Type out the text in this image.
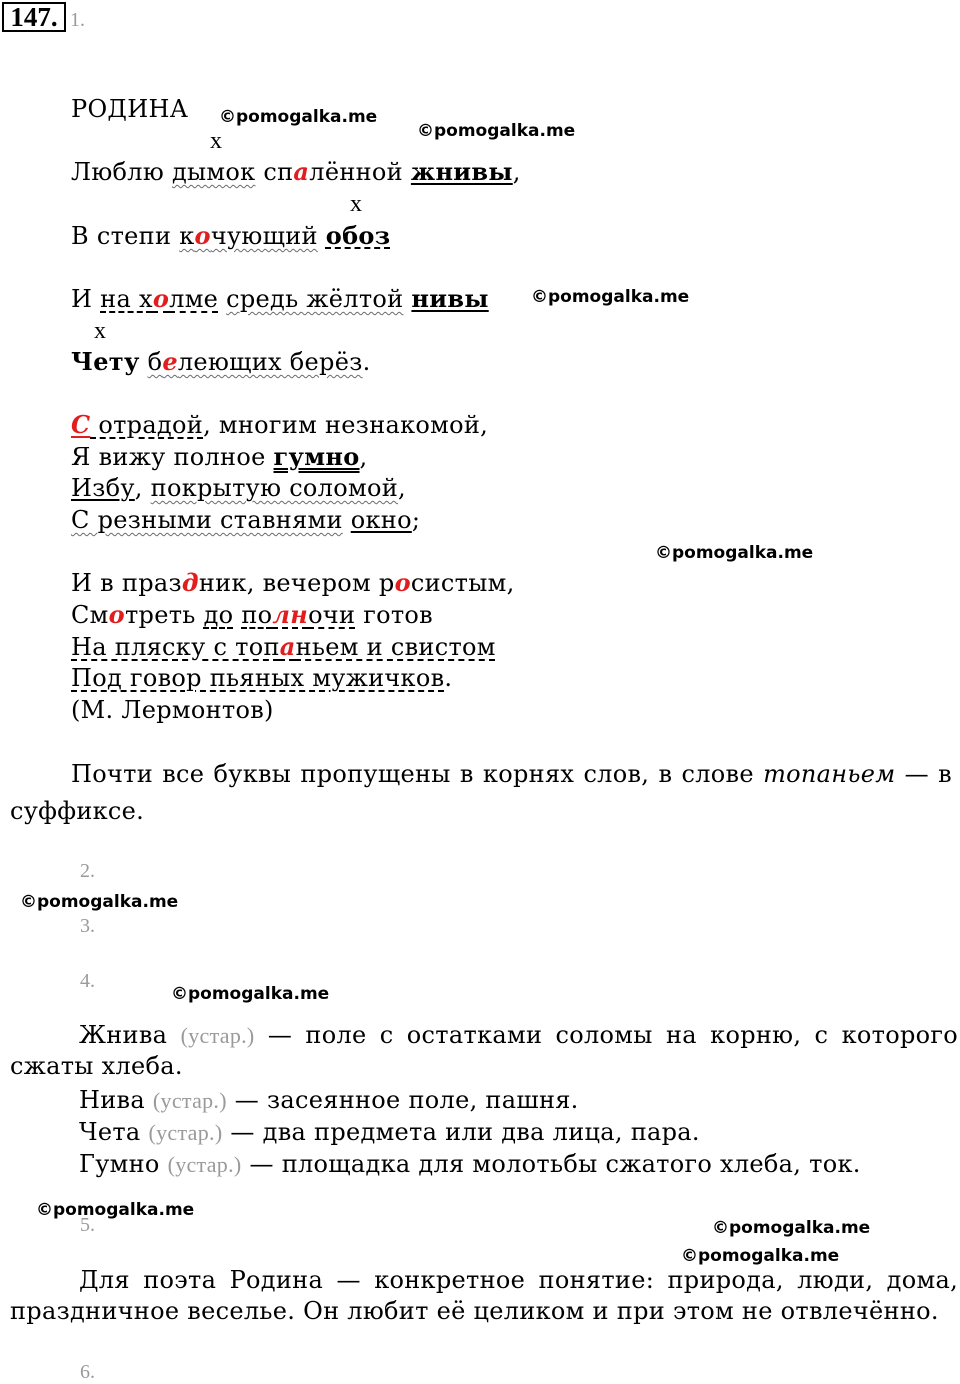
147. 1.
©pomogalka.me
©pomogalka.me
©pomogalka.me
©pomogalka.me
©pomogalka.me
©pomogalka.me
©pomogalka.me
©pomogalka.me
©pomogalka.me
РОДИНА
x
Люблю дымок спалённой жнивы,
x
В степи кочующий обоз
И на холме средь жёлтой нивы
x
Чету белеющих берёз.
С отрадой, многим незнакомой,
Я вижу полное гумно,
Избу, покрытую соломой,
С резными ставнями окно;
И в праздник, вечером росистым,
Смотреть до полночи готов
На пляску с топаньем и свистом
Под говор пьяных мужичков.
(М. Лермонтов)
Почти все буквы пропущены в корнях слов, в слове топаньем — в суффиксе.
2.
3.
4.
Жнива (устар.) — поле с остатками соломы на корню, с которого сжаты хлеба.
Нива (устар.) — засеянное поле, пашня.
Чета (устар.) — два предмета или два лица, пара.
Гумно (устар.) — площадка для молотьбы сжатого хлеба, ток.
5.
Для поэта Родина — конкретное понятие: природа, люди, дома, праздничное веселье. Он любит её целиком и при этом не отвлечённо.
6.
